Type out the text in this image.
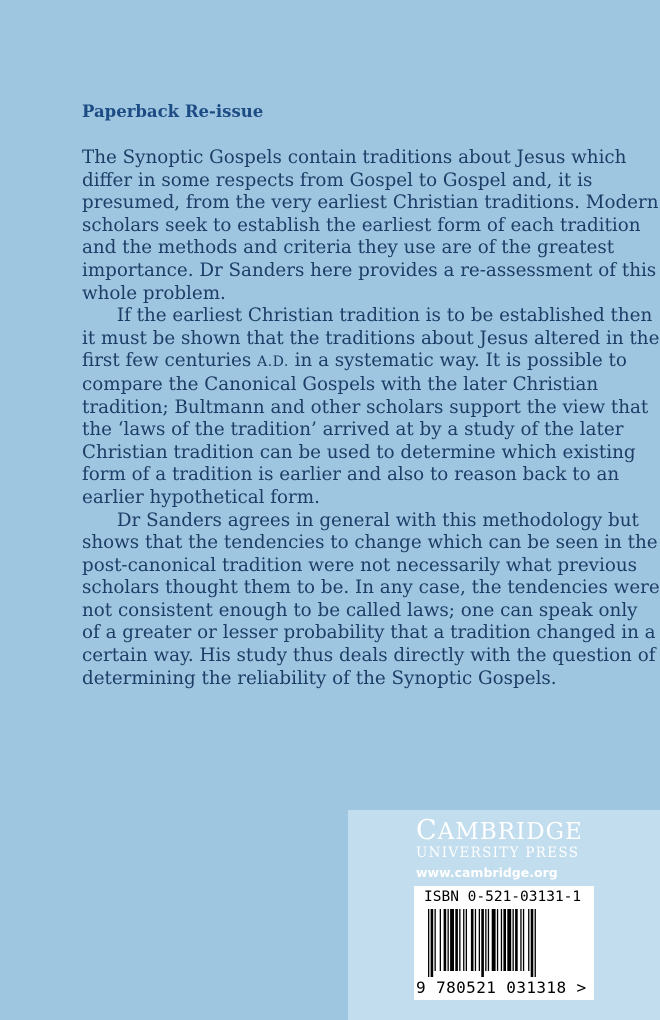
Paperback Re-issue
The Synoptic Gospels contain traditions about Jesus which
differ in some respects from Gospel to Gospel and, it is
presumed, from the very earliest Christian traditions. Modern
scholars seek to establish the earliest form of each tradition
and the methods and criteria they use are of the greatest
importance. Dr Sanders here provides a re-assessment of this
whole problem.
If the earliest Christian tradition is to be established then
it must be shown that the traditions about Jesus altered in the
first few centuries A.D. in a systematic way. It is possible to
compare the Canonical Gospels with the later Christian
tradition; Bultmann and other scholars support the view that
the ‘laws of the tradition’ arrived at by a study of the later
Christian tradition can be used to determine which existing
form of a tradition is earlier and also to reason back to an
earlier hypothetical form.
Dr Sanders agrees in general with this methodology but
shows that the tendencies to change which can be seen in the
post-canonical tradition were not necessarily what previous
scholars thought them to be. In any case, the tendencies were
not consistent enough to be called laws; one can speak only
of a greater or lesser probability that a tradition changed in a
certain way. His study thus deals directly with the question of
determining the reliability of the Synoptic Gospels.
CAMBRIDGE
UNIVERSITY PRESS
www.cambridge.org
ISBN 0-521-03131-1
9 780521 031318 >
